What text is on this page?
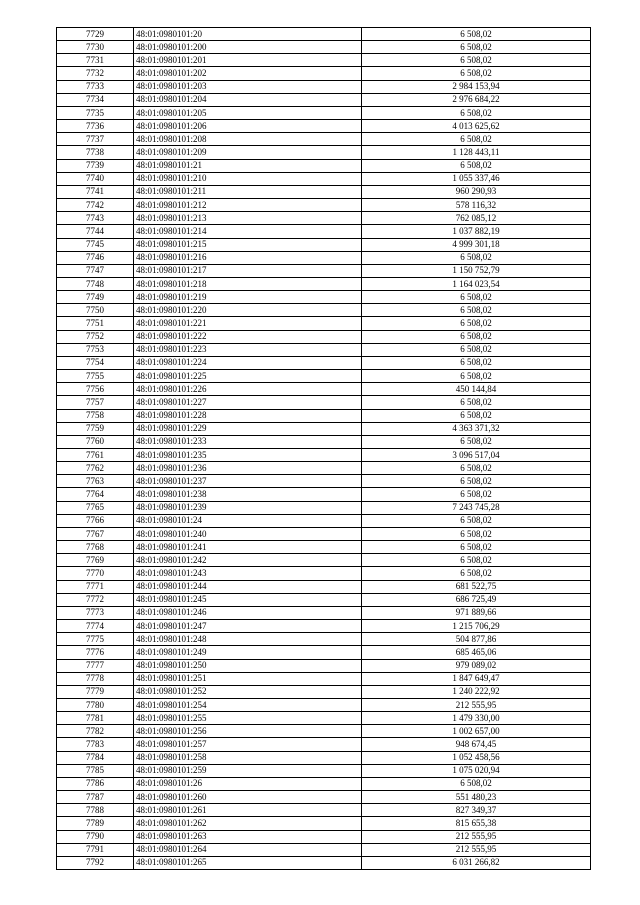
7729	48:01:0980101:20	6 508,02
7730	48:01:0980101:200	6 508,02
7731	48:01:0980101:201	6 508,02
7732	48:01:0980101:202	6 508,02
7733	48:01:0980101:203	2 984 153,94
7734	48:01:0980101:204	2 976 684,22
7735	48:01:0980101:205	6 508,02
7736	48:01:0980101:206	4 013 625,62
7737	48:01:0980101:208	6 508,02
7738	48:01:0980101:209	1 128 443,11
7739	48:01:0980101:21	6 508,02
7740	48:01:0980101:210	1 055 337,46
7741	48:01:0980101:211	960 290,93
7742	48:01:0980101:212	578 116,32
7743	48:01:0980101:213	762 085,12
7744	48:01:0980101:214	1 037 882,19
7745	48:01:0980101:215	4 999 301,18
7746	48:01:0980101:216	6 508,02
7747	48:01:0980101:217	1 150 752,79
7748	48:01:0980101:218	1 164 023,54
7749	48:01:0980101:219	6 508,02
7750	48:01:0980101:220	6 508,02
7751	48:01:0980101:221	6 508,02
7752	48:01:0980101:222	6 508,02
7753	48:01:0980101:223	6 508,02
7754	48:01:0980101:224	6 508,02
7755	48:01:0980101:225	6 508,02
7756	48:01:0980101:226	450 144,84
7757	48:01:0980101:227	6 508,02
7758	48:01:0980101:228	6 508,02
7759	48:01:0980101:229	4 363 371,32
7760	48:01:0980101:233	6 508,02
7761	48:01:0980101:235	3 096 517,04
7762	48:01:0980101:236	6 508,02
7763	48:01:0980101:237	6 508,02
7764	48:01:0980101:238	6 508,02
7765	48:01:0980101:239	7 243 745,28
7766	48:01:0980101:24	6 508,02
7767	48:01:0980101:240	6 508,02
7768	48:01:0980101:241	6 508,02
7769	48:01:0980101:242	6 508,02
7770	48:01:0980101:243	6 508,02
7771	48:01:0980101:244	681 522,75
7772	48:01:0980101:245	686 725,49
7773	48:01:0980101:246	971 889,66
7774	48:01:0980101:247	1 215 706,29
7775	48:01:0980101:248	504 877,86
7776	48:01:0980101:249	685 465,06
7777	48:01:0980101:250	979 089,02
7778	48:01:0980101:251	1 847 649,47
7779	48:01:0980101:252	1 240 222,92
7780	48:01:0980101:254	212 555,95
7781	48:01:0980101:255	1 479 330,00
7782	48:01:0980101:256	1 002 657,00
7783	48:01:0980101:257	948 674,45
7784	48:01:0980101:258	1 052 458,56
7785	48:01:0980101:259	1 075 020,94
7786	48:01:0980101:26	6 508,02
7787	48:01:0980101:260	551 480,23
7788	48:01:0980101:261	827 349,37
7789	48:01:0980101:262	815 655,38
7790	48:01:0980101:263	212 555,95
7791	48:01:0980101:264	212 555,95
7792	48:01:0980101:265	6 031 266,82
